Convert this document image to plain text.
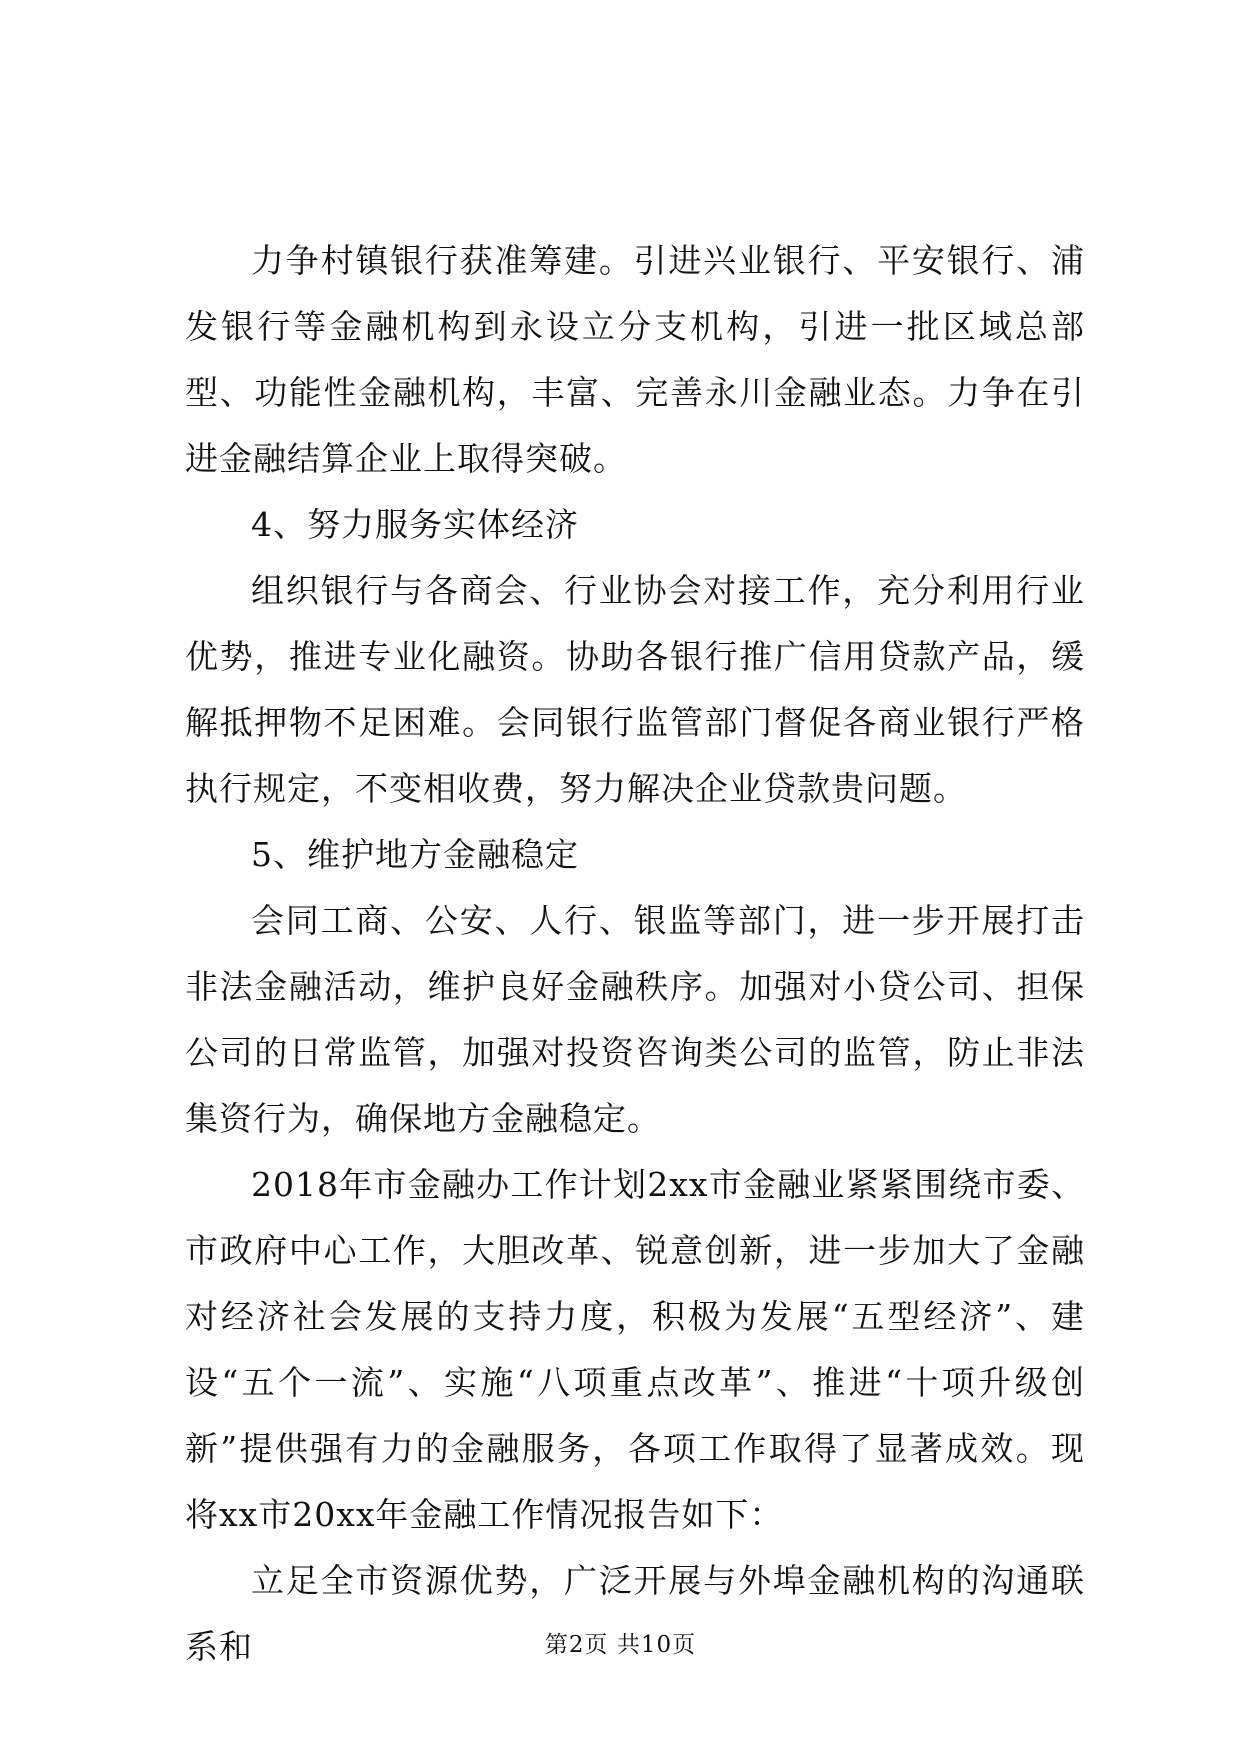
力争村镇银行获准筹建。引进兴业银行、平安银行、浦发银行等金融机构到永设立分支机构，引进一批区域总部型、功能性金融机构，丰富、完善永川金融业态。力争在引进金融结算企业上取得突破。

4、努力服务实体经济

组织银行与各商会、行业协会对接工作，充分利用行业优势，推进专业化融资。协助各银行推广信用贷款产品，缓解抵押物不足困难。会同银行监管部门督促各商业银行严格执行规定，不变相收费，努力解决企业贷款贵问题。

5、维护地方金融稳定

会同工商、公安、人行、银监等部门，进一步开展打击非法金融活动，维护良好金融秩序。加强对小贷公司、担保公司的日常监管，加强对投资咨询类公司的监管，防止非法集资行为，确保地方金融稳定。

2018年市金融办工作计划2xx市金融业紧紧围绕市委、市政府中心工作，大胆改革、锐意创新，进一步加大了金融对经济社会发展的支持力度，积极为发展“五型经济”、建设“五个一流”、实施“八项重点改革”、推进“十项升级创新”提供强有力的金融服务，各项工作取得了显著成效。现将xx市20xx年金融工作情况报告如下：

立足全市资源优势，广泛开展与外埠金融机构的沟通联系和	第2页 共10页
